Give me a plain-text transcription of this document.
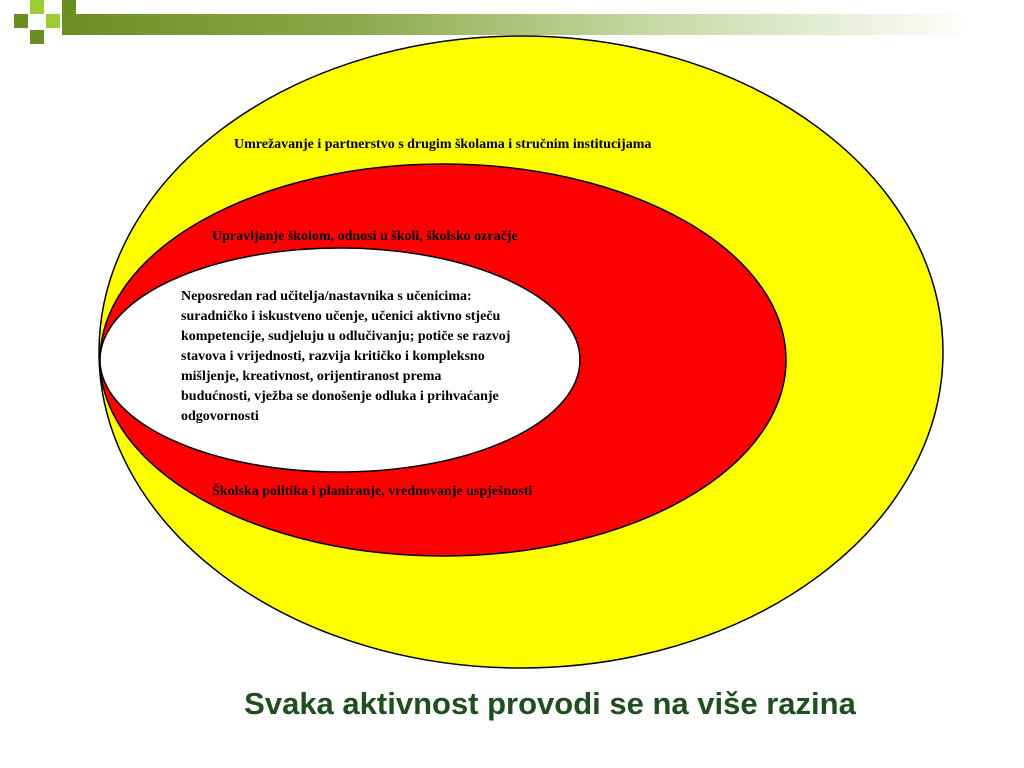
Umrežavanje i partnerstvo s drugim školama i stručnim institucijama
Upravljanje školom, odnosi u školi, školsko ozračje
Neposredan rad učitelja/nastavnika s učenicima: suradničko i iskustveno učenje, učenici aktivno stječu kompetencije, sudjeluju u odlučivanju; potiče se razvoj stavova i vrijednosti, razvija kritičko i kompleksno mišljenje, kreativnost, orijentiranost prema budućnosti, vježba se donošenje odluka i prihvaćanje odgovornosti
Školska politika i planiranje, vrednovanje uspješnosti
Svaka aktivnost provodi se na više razina
